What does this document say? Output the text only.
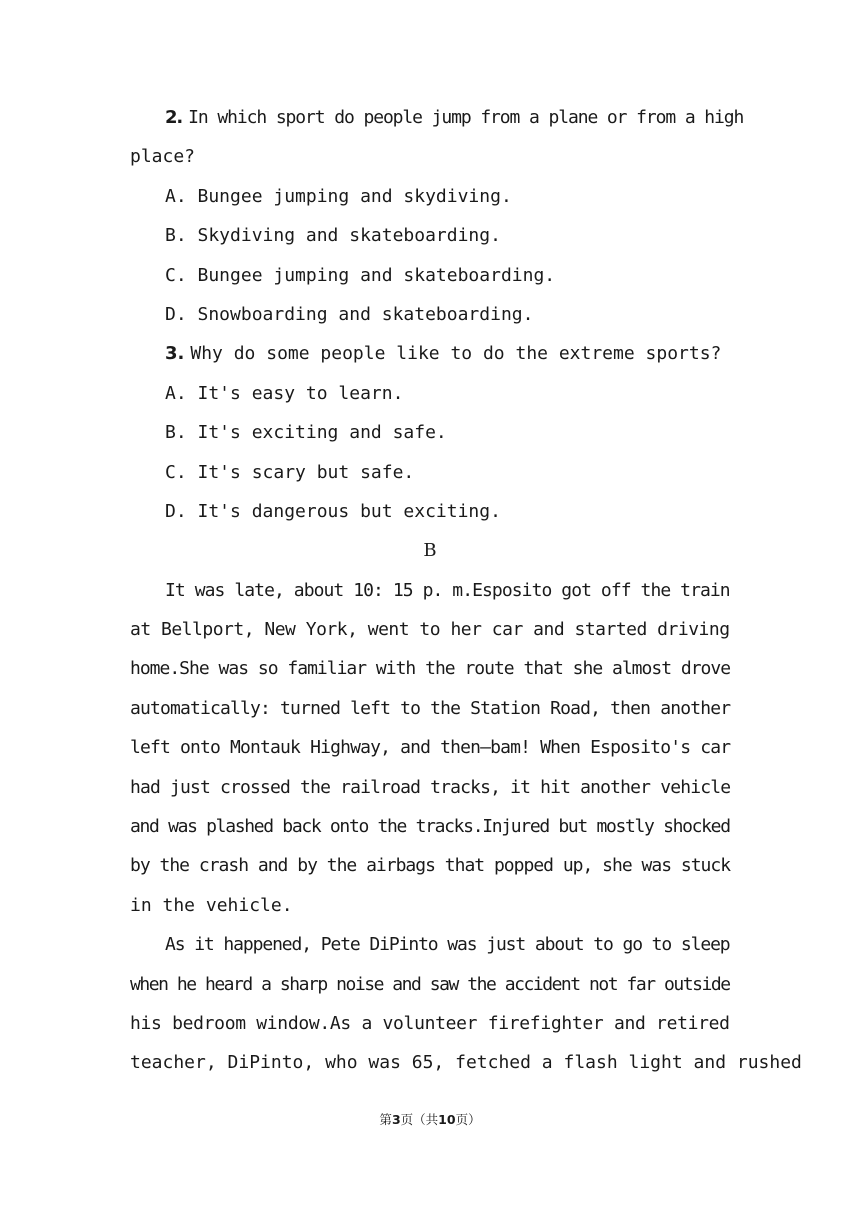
2. In which sport do people jump from a plane or from a high
place?
A. Bungee jumping and skydiving.
B. Skydiving and skateboarding.
C. Bungee jumping and skateboarding.
D. Snowboarding and skateboarding.
3. Why do some people like to do the extreme sports?
A. It's easy to learn.
B. It's exciting and safe.
C. It's scary but safe.
D. It's dangerous but exciting.
B
It was late, about 10: 15 p. m.Esposito got off the train
at Bellport, New York, went to her car and started driving
home.She was so familiar with the route that she almost drove
automatically: turned left to the Station Road, then another
left onto Montauk Highway, and then—bam! When Esposito's car
had just crossed the railroad tracks, it hit another vehicle
and was plashed back onto the tracks.Injured but mostly shocked
by the crash and by the airbags that popped up, she was stuck
in the vehicle.
As it happened, Pete DiPinto was just about to go to sleep
when he heard a sharp noise and saw the accident not far outside
his bedroom window.As a volunteer firefighter and retired
teacher, DiPinto, who was 65, fetched a flash light and rushed
第3页（共10页）
